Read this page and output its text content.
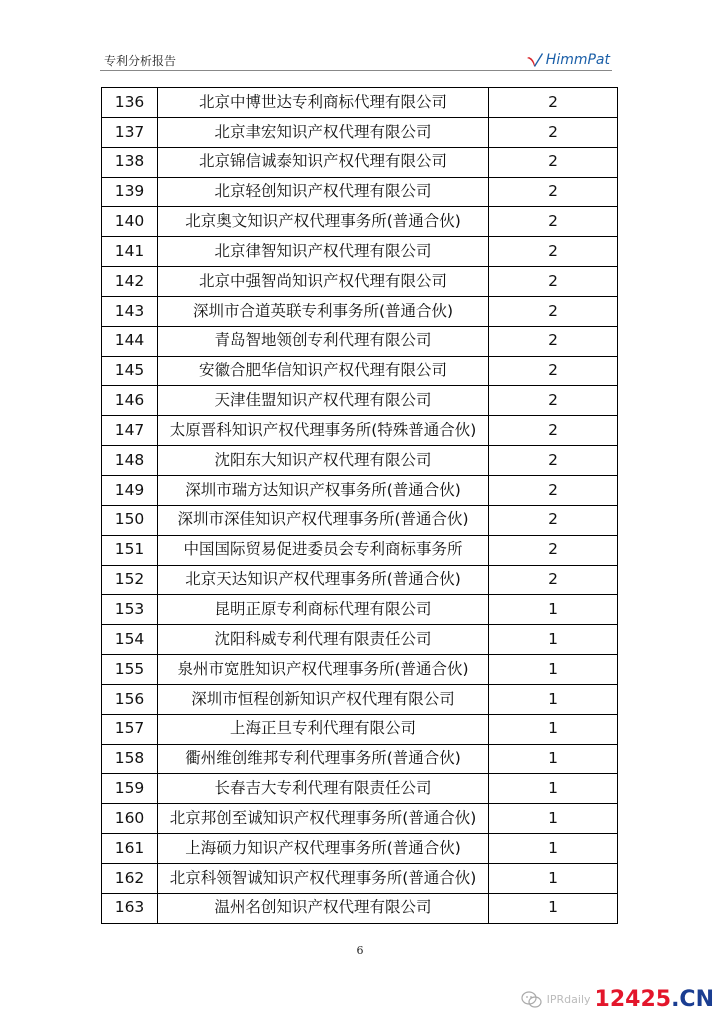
专利分析报告	HimmPat
136	北京中博世达专利商标代理有限公司	2
137	北京聿宏知识产权代理有限公司	2
138	北京锦信诚泰知识产权代理有限公司	2
139	北京轻创知识产权代理有限公司	2
140	北京奥文知识产权代理事务所(普通合伙)	2
141	北京律智知识产权代理有限公司	2
142	北京中强智尚知识产权代理有限公司	2
143	深圳市合道英联专利事务所(普通合伙)	2
144	青岛智地领创专利代理有限公司	2
145	安徽合肥华信知识产权代理有限公司	2
146	天津佳盟知识产权代理有限公司	2
147	太原晋科知识产权代理事务所(特殊普通合伙)	2
148	沈阳东大知识产权代理有限公司	2
149	深圳市瑞方达知识产权事务所(普通合伙)	2
150	深圳市深佳知识产权代理事务所(普通合伙)	2
151	中国国际贸易促进委员会专利商标事务所	2
152	北京天达知识产权代理事务所(普通合伙)	2
153	昆明正原专利商标代理有限公司	1
154	沈阳科威专利代理有限责任公司	1
155	泉州市宽胜知识产权代理事务所(普通合伙)	1
156	深圳市恒程创新知识产权代理有限公司	1
157	上海正旦专利代理有限公司	1
158	衢州维创维邦专利代理事务所(普通合伙)	1
159	长春吉大专利代理有限责任公司	1
160	北京邦创至诚知识产权代理事务所(普通合伙)	1
161	上海硕力知识产权代理事务所(普通合伙)	1
162	北京科领智诚知识产权代理事务所(普通合伙)	1
163	温州名创知识产权代理有限公司	1
6
IPRdaily 12425.CN
